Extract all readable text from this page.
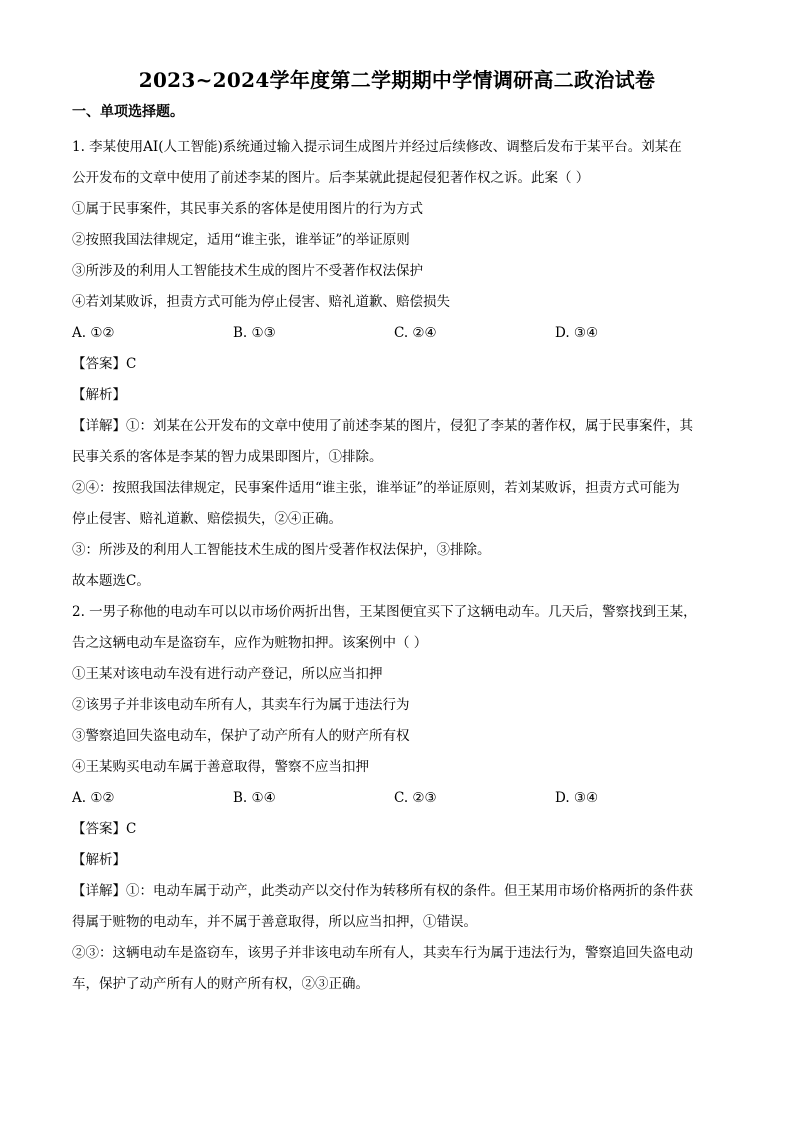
2023~2024学年度第二学期期中学情调研高二政治试卷
一、单项选择题。
1. 李某使用AI(人工智能)系统通过输入提示词生成图片并经过后续修改、调整后发布于某平台。刘某在
公开发布的文章中使用了前述李某的图片。后李某就此提起侵犯著作权之诉。此案（ ）
①属于民事案件，其民事关系的客体是使用图片的行为方式
②按照我国法律规定，适用“谁主张，谁举证”的举证原则
③所涉及的利用人工智能技术生成的图片不受著作权法保护
④若刘某败诉，担责方式可能为停止侵害、赔礼道歉、赔偿损失
A. ①②	B. ①③	C. ②④	D. ③④
【答案】C
【解析】
【详解】①：刘某在公开发布的文章中使用了前述李某的图片，侵犯了李某的著作权，属于民事案件，其
民事关系的客体是李某的智力成果即图片，①排除。
②④：按照我国法律规定，民事案件适用“谁主张，谁举证”的举证原则，若刘某败诉，担责方式可能为
停止侵害、赔礼道歉、赔偿损失，②④正确。
③：所涉及的利用人工智能技术生成的图片受著作权法保护，③排除。
故本题选C。
2. 一男子称他的电动车可以以市场价两折出售，王某图便宜买下了这辆电动车。几天后，警察找到王某，
告之这辆电动车是盗窃车，应作为赃物扣押。该案例中（ ）
①王某对该电动车没有进行动产登记，所以应当扣押
②该男子并非该电动车所有人，其卖车行为属于违法行为
③警察追回失盗电动车，保护了动产所有人的财产所有权
④王某购买电动车属于善意取得，警察不应当扣押
A. ①②	B. ①④	C. ②③	D. ③④
【答案】C
【解析】
【详解】①：电动车属于动产，此类动产以交付作为转移所有权的条件。但王某用市场价格两折的条件获
得属于赃物的电动车，并不属于善意取得，所以应当扣押，①错误。
②③：这辆电动车是盗窃车，该男子并非该电动车所有人，其卖车行为属于违法行为，警察追回失盗电动
车，保护了动产所有人的财产所有权，②③正确。
